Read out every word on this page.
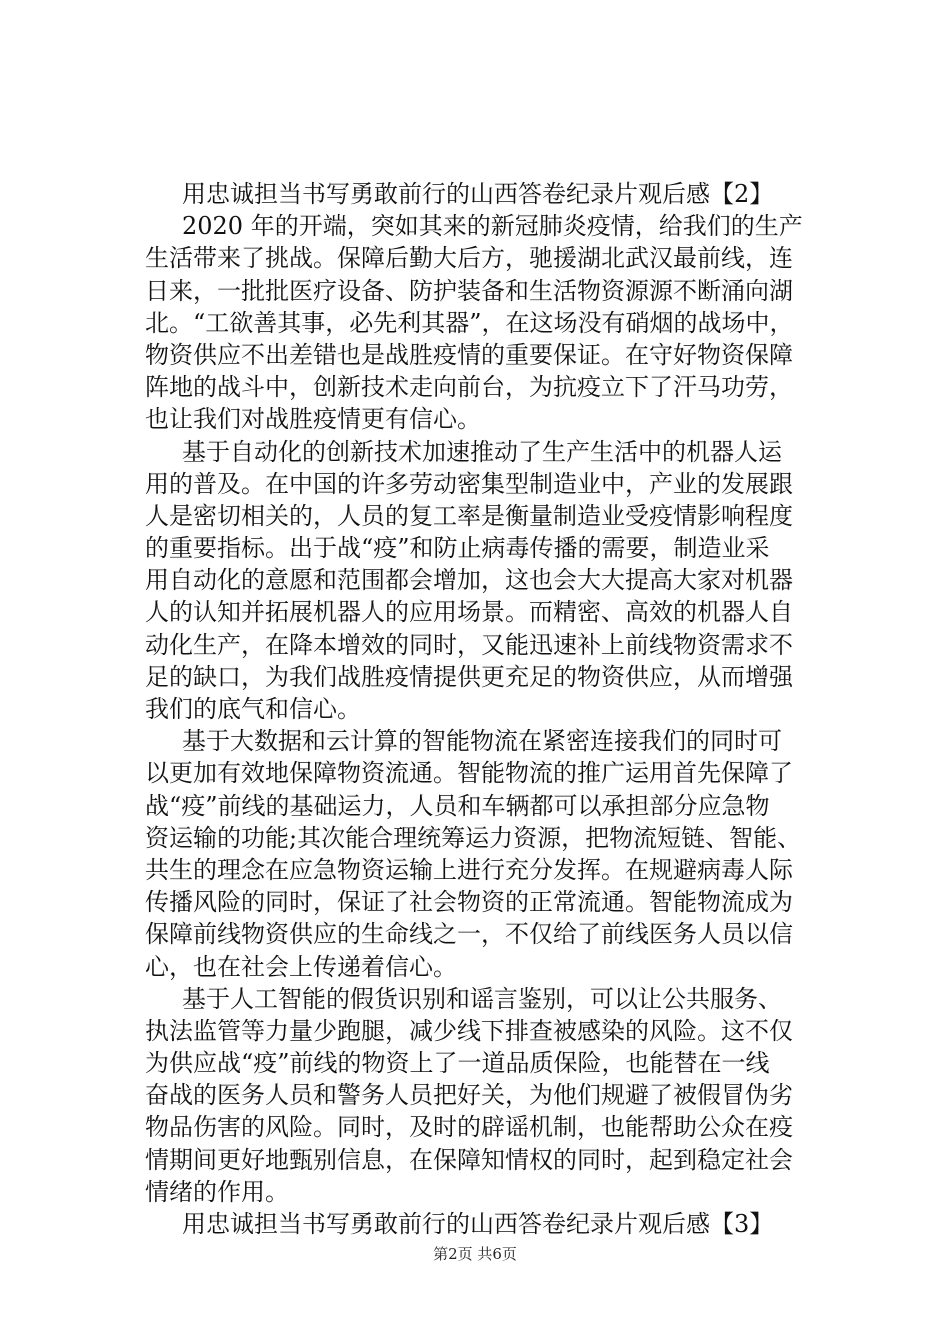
用忠诚担当书写勇敢前行的山西答卷纪录片观后感【2】

2020 年的开端，突如其来的新冠肺炎疫情，给我们的生产
生活带来了挑战。保障后勤大后方，驰援湖北武汉最前线，连
日来，一批批医疗设备、防护装备和生活物资源源不断涌向湖
北。“工欲善其事，必先利其器”，在这场没有硝烟的战场中，
物资供应不出差错也是战胜疫情的重要保证。在守好物资保障
阵地的战斗中，创新技术走向前台，为抗疫立下了汗马功劳，
也让我们对战胜疫情更有信心。

基于自动化的创新技术加速推动了生产生活中的机器人运
用的普及。在中国的许多劳动密集型制造业中，产业的发展跟
人是密切相关的，人员的复工率是衡量制造业受疫情影响程度
的重要指标。出于战“疫”和防止病毒传播的需要，制造业采
用自动化的意愿和范围都会增加，这也会大大提高大家对机器
人的认知并拓展机器人的应用场景。而精密、高效的机器人自
动化生产，在降本增效的同时，又能迅速补上前线物资需求不
足的缺口，为我们战胜疫情提供更充足的物资供应，从而增强
我们的底气和信心。

基于大数据和云计算的智能物流在紧密连接我们的同时可
以更加有效地保障物资流通。智能物流的推广运用首先保障了
战“疫”前线的基础运力，人员和车辆都可以承担部分应急物
资运输的功能;其次能合理统筹运力资源，把物流短链、智能、
共生的理念在应急物资运输上进行充分发挥。在规避病毒人际
传播风险的同时，保证了社会物资的正常流通。智能物流成为
保障前线物资供应的生命线之一，不仅给了前线医务人员以信
心，也在社会上传递着信心。

基于人工智能的假货识别和谣言鉴别，可以让公共服务、
执法监管等力量少跑腿，减少线下排查被感染的风险。这不仅
为供应战“疫”前线的物资上了一道品质保险，也能替在一线
奋战的医务人员和警务人员把好关，为他们规避了被假冒伪劣
物品伤害的风险。同时，及时的辟谣机制，也能帮助公众在疫
情期间更好地甄别信息，在保障知情权的同时，起到稳定社会
情绪的作用。

用忠诚担当书写勇敢前行的山西答卷纪录片观后感【3】

第2页 共6页
